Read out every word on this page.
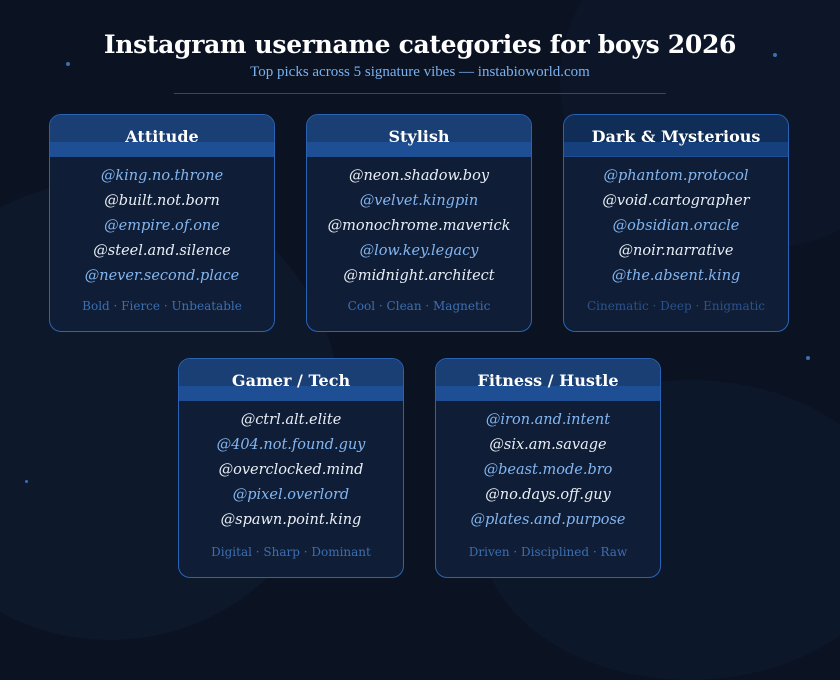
Instagram username categories for boys 2026
Top picks across 5 signature vibes — instabioworld.com
Attitude
@king.no.throne
@built.not.born
@empire.of.one
@steel.and.silence
@never.second.place
Bold · Fierce · Unbeatable
Stylish
@neon.shadow.boy
@velvet.kingpin
@monochrome.maverick
@low.key.legacy
@midnight.architect
Cool · Clean · Magnetic
Dark & Mysterious
@phantom.protocol
@void.cartographer
@obsidian.oracle
@noir.narrative
@the.absent.king
Cinematic · Deep · Enigmatic
Gamer / Tech
@ctrl.alt.elite
@404.not.found.guy
@overclocked.mind
@pixel.overlord
@spawn.point.king
Digital · Sharp · Dominant
Fitness / Hustle
@iron.and.intent
@six.am.savage
@beast.mode.bro
@no.days.off.guy
@plates.and.purpose
Driven · Disciplined · Raw
